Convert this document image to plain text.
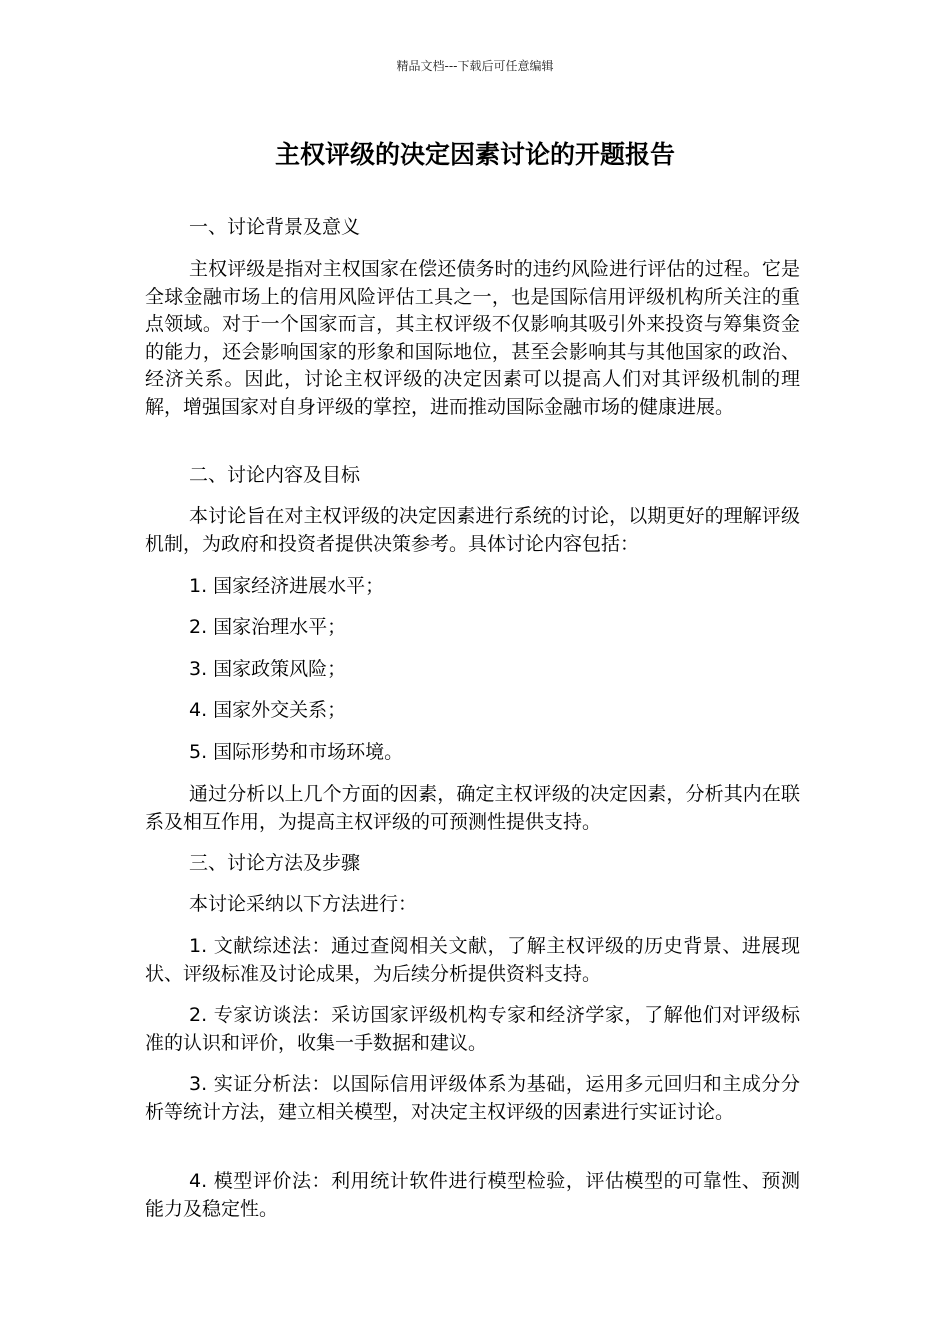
精品文档---下载后可任意编辑
主权评级的决定因素讨论的开题报告
一、讨论背景及意义
主权评级是指对主权国家在偿还债务时的违约风险进行评估的过程。它是全球金融市场上的信用风险评估工具之一，也是国际信用评级机构所关注的重点领域。对于一个国家而言，其主权评级不仅影响其吸引外来投资与筹集资金的能力，还会影响国家的形象和国际地位，甚至会影响其与其他国家的政治、经济关系。因此，讨论主权评级的决定因素可以提高人们对其评级机制的理解，增强国家对自身评级的掌控，进而推动国际金融市场的健康进展。
二、讨论内容及目标
本讨论旨在对主权评级的决定因素进行系统的讨论，以期更好的理解评级机制，为政府和投资者提供决策参考。具体讨论内容包括：
1. 国家经济进展水平；
2. 国家治理水平；
3. 国家政策风险；
4. 国家外交关系；
5. 国际形势和市场环境。
通过分析以上几个方面的因素，确定主权评级的决定因素，分析其内在联系及相互作用，为提高主权评级的可预测性提供支持。
三、讨论方法及步骤
本讨论采纳以下方法进行：
1. 文献综述法：通过查阅相关文献，了解主权评级的历史背景、进展现状、评级标准及讨论成果，为后续分析提供资料支持。
2. 专家访谈法：采访国家评级机构专家和经济学家，了解他们对评级标准的认识和评价，收集一手数据和建议。
3. 实证分析法：以国际信用评级体系为基础，运用多元回归和主成分分析等统计方法，建立相关模型，对决定主权评级的因素进行实证讨论。
4. 模型评价法：利用统计软件进行模型检验，评估模型的可靠性、预测能力及稳定性。
